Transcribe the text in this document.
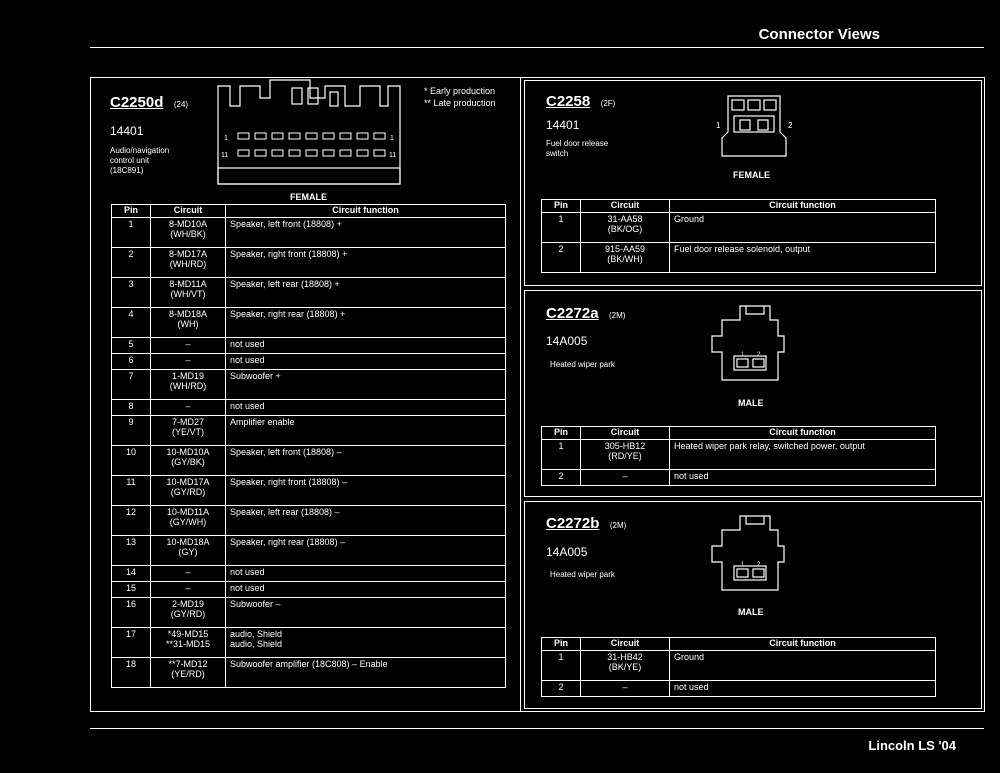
Connector Views
Lincoln LS '04
C2250d (24)
14401
Audio/navigation
control unit
(18C891)
* Early production
** Late production
1	1
11	11
FEMALE
Pin	Circuit	Circuit function
1	8-MD10A
(WH/BK)	Speaker, left front (18808) +

2	8-MD17A
(WH/RD)	Speaker, right front (18808) +

3	8-MD11A
(WH/VT)	Speaker, left rear (18808) +

4	8-MD18A
(WH)	Speaker, right rear (18808) +

5	–	not used

6	–	not used

7	1-MD19
(WH/RD)	Subwoofer +

8	–	not used

9	7-MD27
(YE/VT)	Amplifier enable

10	10-MD10A
(GY/BK)	Speaker, left front (18808) –

11	10-MD17A
(GY/RD)	Speaker, right front (18808) –

12	10-MD11A
(GY/WH)	Speaker, left rear (18808) –

13	10-MD18A
(GY)	Speaker, right rear (18808) –

14	–	not used

15	–	not used

16	2-MD19
(GY/RD)	Subwoofer –

17	*49-MD15
**31-MD15	audio, Shield
audio, Shield

18	**7-MD12
(YE/RD)	Subwoofer amplifier (18C808) – Enable
C2258 (2F)
14401
Fuel door release
switch
1	2
FEMALE
Pin	Circuit	Circuit function
1	31-AA58
(BK/OG)	Ground

2	915-AA59
(BK/WH)	Fuel door release solenoid, output
C2272a (2M)
14A005
Heated wiper park
1 2
MALE
Pin	Circuit	Circuit function
1	305-HB12
(RD/YE)	Heated wiper park relay, switched power, output

2	–	not used
C2272b (2M)
14A005
Heated wiper park
1 2
MALE
Pin	Circuit	Circuit function
1	31-HB42
(BK/YE)	Ground

2	–	not used
